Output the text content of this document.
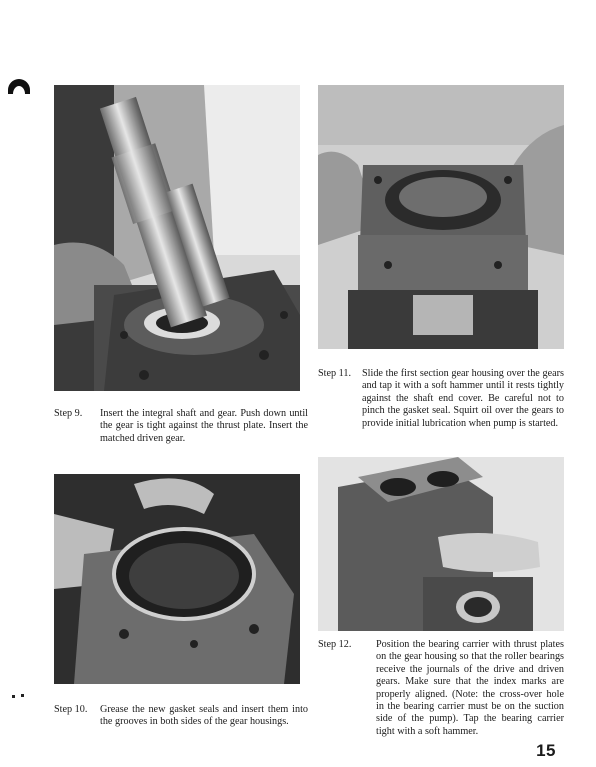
Step 9. Insert the integral shaft and gear. Push down until the gear is tight against the thrust plate. Insert the matched driven gear.
Step 10. Grease the new gasket seals and insert them into the grooves in both sides of the gear housings.
Step 11. Slide the first section gear housing over the gears and tap it with a soft hammer until it rests tightly against the shaft end cover. Be careful not to pinch the gasket seal. Squirt oil over the gears to provide initial lubrication when pump is started.
Step 12. Position the bearing carrier with thrust plates on the gear housing so that the roller bearings receive the journals of the drive and driven gears. Make sure that the index marks are properly aligned. (Note: the cross-over hole in the bearing carrier must be on the suction side of the pump). Tap the bearing carrier tight with a soft hammer.
15
